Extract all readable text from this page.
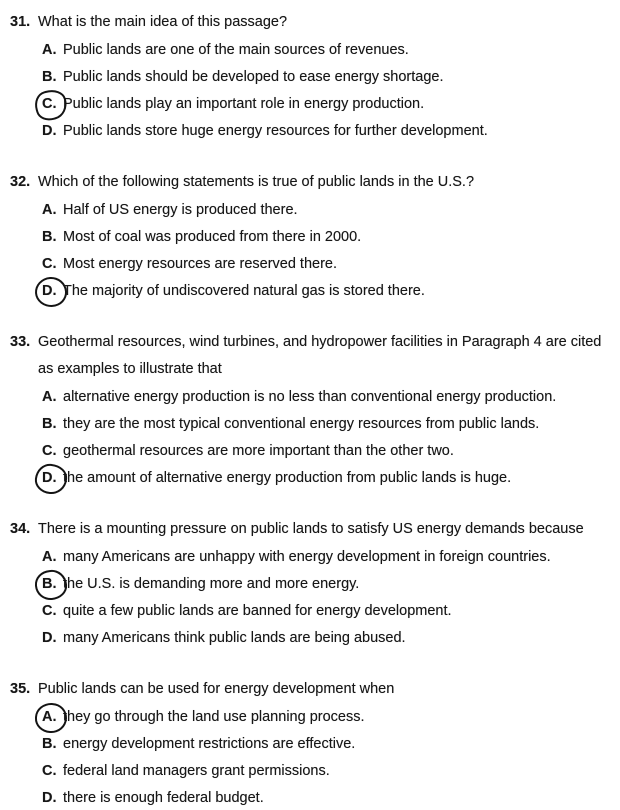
31. What is the main idea of this passage?
A. Public lands are one of the main sources of revenues.
B. Public lands should be developed to ease energy shortage.
C. Public lands play an important role in energy production.
D. Public lands store huge energy resources for further development.
32. Which of the following statements is true of public lands in the U.S.?
A. Half of US energy is produced there.
B. Most of coal was produced from there in 2000.
C. Most energy resources are reserved there.
D. The majority of undiscovered natural gas is stored there.
33. Geothermal resources, wind turbines, and hydropower facilities in Paragraph 4 are cited as examples to illustrate that
A. alternative energy production is no less than conventional energy production.
B. they are the most typical conventional energy resources from public lands.
C. geothermal resources are more important than the other two.
D. the amount of alternative energy production from public lands is huge.
34. There is a mounting pressure on public lands to satisfy US energy demands because
A. many Americans are unhappy with energy development in foreign countries.
B. the U.S. is demanding more and more energy.
C. quite a few public lands are banned for energy development.
D. many Americans think public lands are being abused.
35. Public lands can be used for energy development when
A. they go through the land use planning process.
B. energy development restrictions are effective.
C. federal land managers grant permissions.
D. there is enough federal budget.
